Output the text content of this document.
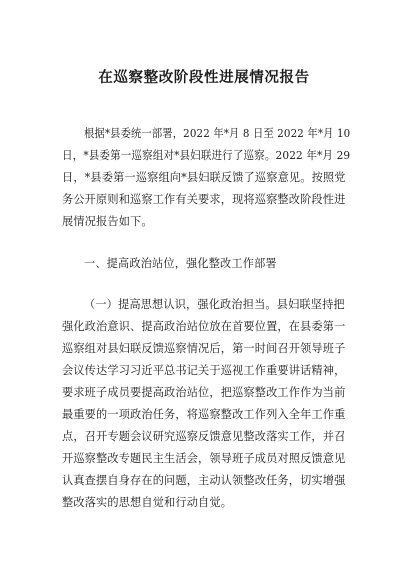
在巡察整改阶段性进展情况报告
根据*县委统一部署，2022 年*月 8 日至 2022 年*月 10
日，*县委第一巡察组对*县妇联进行了巡察。2022 年*月 29
日，*县委第一巡察组向*县妇联反馈了巡察意见。按照党
务公开原则和巡察工作有关要求，现将巡察整改阶段性进
展情况报告如下。
一、提高政治站位，强化整改工作部署
（一）提高思想认识，强化政治担当。县妇联坚持把
强化政治意识、提高政治站位放在首要位置，在县委第一
巡察组对县妇联反馈巡察情况后，第一时间召开领导班子
会议传达学习习近平总书记关于巡视工作重要讲话精神，
要求班子成员要提高政治站位，把巡察整改工作作为当前
最重要的一项政治任务，将巡察整改工作列入全年工作重
点，召开专题会议研究巡察反馈意见整改落实工作，并召
开巡察整改专题民主生活会，领导班子成员对照反馈意见
认真查摆自身存在的问题，主动认领整改任务，切实增强
整改落实的思想自觉和行动自觉。
